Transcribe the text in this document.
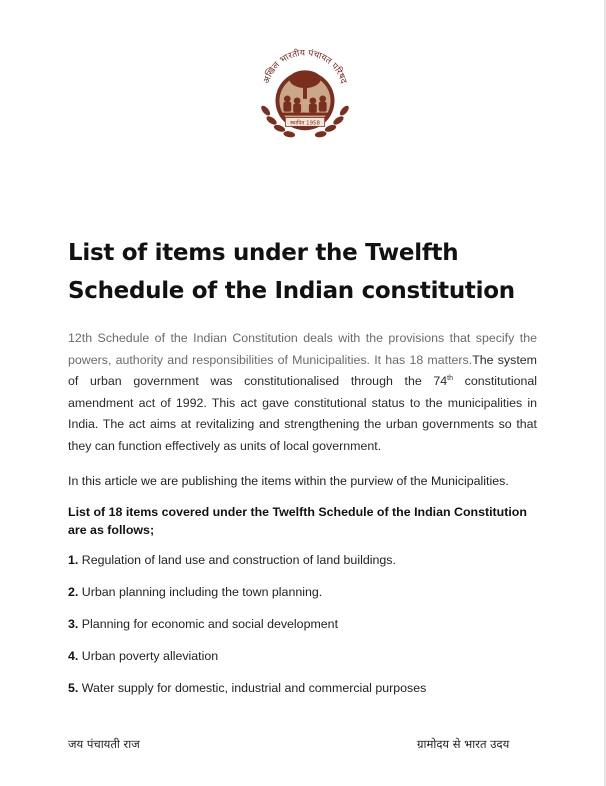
अखिल भारतीय पंचायत परिषद
स्थापित 1958
List of items under the Twelfth Schedule of the Indian constitution

12th Schedule of the Indian Constitution deals with the provisions that specify the powers, authority and responsibilities of Municipalities. It has 18 matters.The system of urban government was constitutionalised through the 74th constitutional amendment act of 1992. This act gave constitutional status to the municipalities in India. The act aims at revitalizing and strengthening the urban governments so that they can function effectively as units of local government.

In this article we are publishing the items within the purview of the Municipalities.

List of 18 items covered under the Twelfth Schedule of the Indian Constitution are as follows;

1. Regulation of land use and construction of land buildings.

2. Urban planning including the town planning.

3. Planning for economic and social development

4. Urban poverty alleviation

5. Water supply for domestic, industrial and commercial purposes

जय पंचायती राज	ग्रामोदय से भारत उदय
